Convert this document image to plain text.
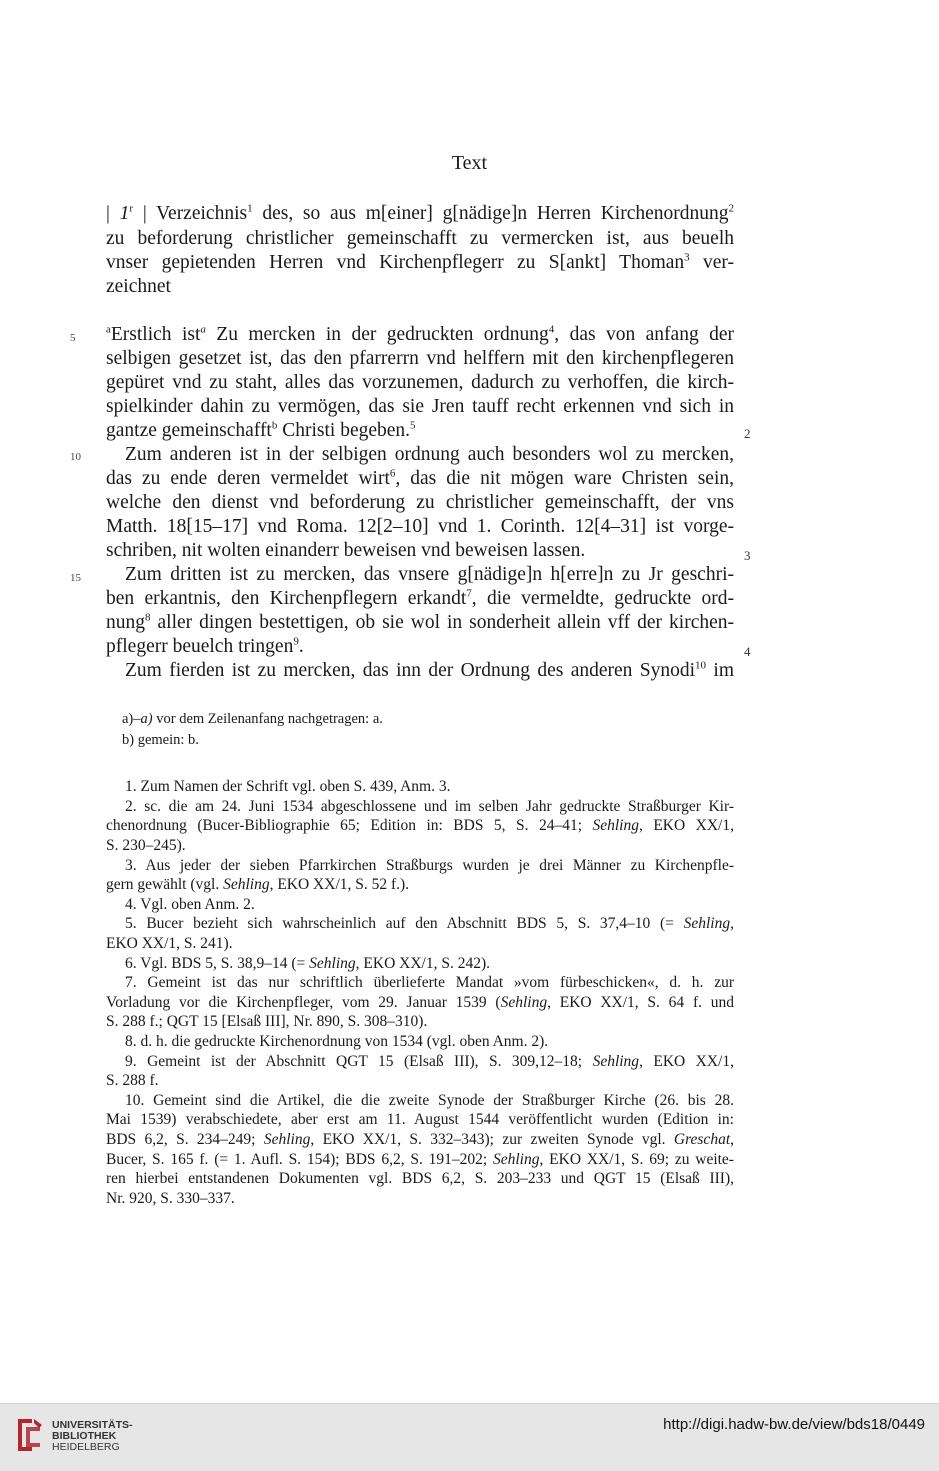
Text
| 1$^r$ | Verzeichnis$^1$ des, so aus m[einer] g[nädige]n Herren Kirchenordnung$^2$
zu beforderung christlicher gemeinschafft zu vermercken ist, aus beuelh
vnser gepietenden Herren vnd Kirchenpflegerr zu S[ankt] Thoman$^3$ ver-
zeichnet
5
$^a$Erstlich ist$^a$ Zu mercken in der gedruckten ordnung$^4$, das von anfang der
selbigen gesetzet ist, das den pfarrerrn vnd helffern mit den kirchenpflegeren
gepüret vnd zu staht, alles das vorzunemen, dadurch zu verhoffen, die kirch-
spielkinder dahin zu vermögen, das sie Jren tauff recht erkennen vnd sich in
gantze gemeinschafft$^b$ Christi begeben.$^5$
2
10 Zum anderen ist in der selbigen ordnung auch besonders wol zu mercken,
das zu ende deren vermeldet wirt$^6$, das die nit mögen ware Christen sein,
welche den dienst vnd beforderung zu christlicher gemeinschafft, der vns
Matth. 18[15–17] vnd Roma. 12[2–10] vnd 1. Corinth. 12[4–31] ist vorge-
schriben, nit wolten einanderr beweisen vnd beweisen lassen.	3
15 Zum dritten ist zu mercken, das vnsere g[nädige]n h[erre]n zu Jr geschri-
ben erkantnis, den Kirchenpflegern erkandt$^7$, die vermeldte, gedruckte ord-
nung$^8$ aller dingen bestettigen, ob sie wol in sonderheit allein vff der kirchen-
pflegerr beuelch tringen$^9$.	4
Zum fierden ist zu mercken, das inn der Ordnung des anderen Synodi$^{10}$ im
a)–a) vor dem Zeilenanfang nachgetragen: a.
b) gemein: b.
1. Zum Namen der Schrift vgl. oben S. 439, Anm. 3.
2. sc. die am 24. Juni 1534 abgeschlossene und im selben Jahr gedruckte Straßburger Kir-
chenordnung (Bucer-Bibliographie 65; Edition in: BDS 5, S. 24–41; Sehling, EKO XX/1,
S. 230–245).
3. Aus jeder der sieben Pfarrkirchen Straßburgs wurden je drei Männer zu Kirchenpfle-
gern gewählt (vgl. Sehling, EKO XX/1, S. 52 f.).
4. Vgl. oben Anm. 2.
5. Bucer bezieht sich wahrscheinlich auf den Abschnitt BDS 5, S. 37,4–10 (= Sehling,
EKO XX/1, S. 241).
6. Vgl. BDS 5, S. 38,9–14 (= Sehling, EKO XX/1, S. 242).
7. Gemeint ist das nur schriftlich überlieferte Mandat »vom fürbeschicken«, d. h. zur
Vorladung vor die Kirchenpfleger, vom 29. Januar 1539 (Sehling, EKO XX/1, S. 64 f. und
S. 288 f.; QGT 15 [Elsaß III], Nr. 890, S. 308–310).
8. d. h. die gedruckte Kirchenordnung von 1534 (vgl. oben Anm. 2).
9. Gemeint ist der Abschnitt QGT 15 (Elsaß III), S. 309,12–18; Sehling, EKO XX/1,
S. 288 f.
10. Gemeint sind die Artikel, die die zweite Synode der Straßburger Kirche (26. bis 28.
Mai 1539) verabschiedete, aber erst am 11. August 1544 veröffentlicht wurden (Edition in:
BDS 6,2, S. 234–249; Sehling, EKO XX/1, S. 332–343); zur zweiten Synode vgl. Greschat,
Bucer, S. 165 f. (= 1. Aufl. S. 154); BDS 6,2, S. 191–202; Sehling, EKO XX/1, S. 69; zu weite-
ren hierbei entstandenen Dokumenten vgl. BDS 6,2, S. 203–233 und QGT 15 (Elsaß III),
Nr. 920, S. 330–337.
UNIVERSITÄTS-
BIBLIOTHEK
HEIDELBERG
http://digi.hadw-bw.de/view/bds18/0449
